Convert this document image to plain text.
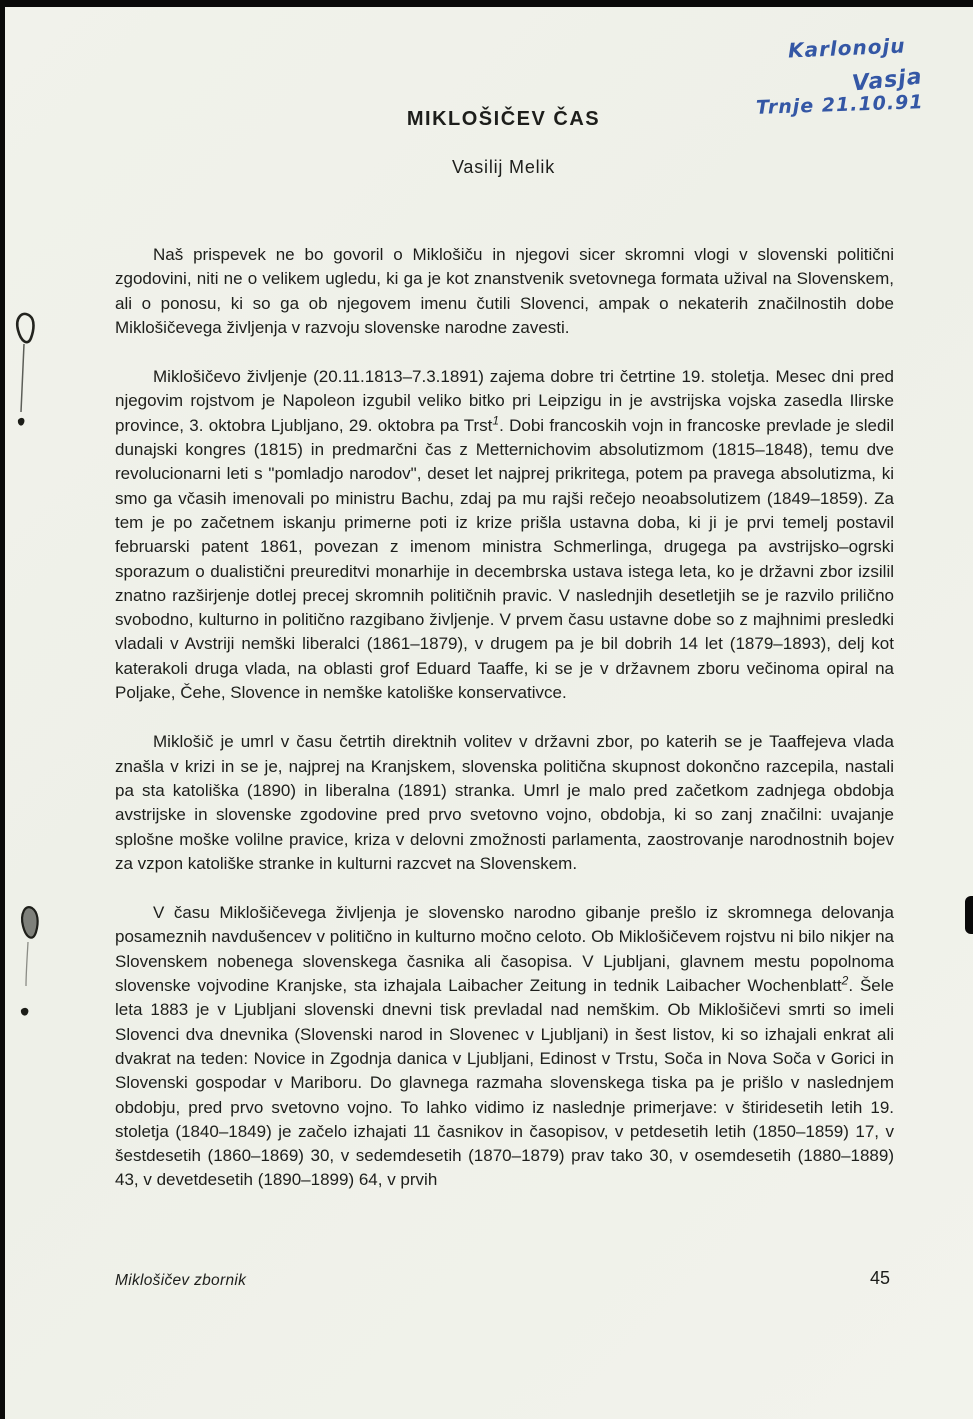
Karlonoju
Vasja
Trnje 21.10.91
MIKLOŠIČEV ČAS
Vasilij Melik

Naš prispevek ne bo govoril o Miklošiču in njegovi sicer skromni vlogi v slovenski politični zgodovini, niti ne o velikem ugledu, ki ga je kot znanstvenik svetovnega formata užival na Slovenskem, ali o ponosu, ki so ga ob njegovem imenu čutili Slovenci, ampak o nekaterih značilnostih dobe Miklošičevega življenja v razvoju slovenske narodne zavesti.

Miklošičevo življenje (20.11.1813–7.3.1891) zajema dobre tri četrtine 19. stoletja. Mesec dni pred njegovim rojstvom je Napoleon izgubil veliko bitko pri Leipzigu in je avstrijska vojska zasedla Ilirske province, 3. oktobra Ljubljano, 29. oktobra pa Trst$^1$. Dobi francoskih vojn in francoske prevlade je sledil dunajski kongres (1815) in predmarčni čas z Metternichovim absolutizmom (1815–1848), temu dve revolucionarni leti s "pomladjo narodov", deset let najprej prikritega, potem pa pravega absolutizma, ki smo ga včasih imenovali po ministru Bachu, zdaj pa mu rajši rečejo neoabsolutizem (1849–1859). Za tem je po začetnem iskanju primerne poti iz krize prišla ustavna doba, ki ji je prvi temelj postavil februarski patent 1861, povezan z imenom ministra Schmerlinga, drugega pa avstrijsko–ogrski sporazum o dualistični preureditvi monarhije in decembrska ustava istega leta, ko je državni zbor izsilil znatno razširjenje dotlej precej skromnih političnih pravic. V naslednjih desetletjih se je razvilo prilično svobodno, kulturno in politično razgibano življenje. V prvem času ustavne dobe so z majhnimi presledki vladali v Avstriji nemški liberalci (1861–1879), v drugem pa je bil dobrih 14 let (1879–1893), delj kot katerakoli druga vlada, na oblasti grof Eduard Taaffe, ki se je v državnem zboru večinoma opiral na Poljake, Čehe, Slovence in nemške katoliške konservativce.

Miklošič je umrl v času četrtih direktnih volitev v državni zbor, po katerih se je Taaffejeva vlada znašla v krizi in se je, najprej na Kranjskem, slovenska politična skupnost dokončno razcepila, nastali pa sta katoliška (1890) in liberalna (1891) stranka. Umrl je malo pred začetkom zadnjega obdobja avstrijske in slovenske zgodovine pred prvo svetovno vojno, obdobja, ki so zanj značilni: uvajanje splošne moške volilne pravice, kriza v delovni zmožnosti parlamenta, zaostrovanje narodnostnih bojev za vzpon katoliške stranke in kulturni razcvet na Slovenskem.

V času Miklošičevega življenja je slovensko narodno gibanje prešlo iz skromnega delovanja posameznih navdušencev v politično in kulturno močno celoto. Ob Miklošičevem rojstvu ni bilo nikjer na Slovenskem nobenega slovenskega časnika ali časopisa. V Ljubljani, glavnem mestu popolnoma slovenske vojvodine Kranjske, sta izhajala Laibacher Zeitung in tednik Laibacher Wochenblatt$^2$. Šele leta 1883 je v Ljubljani slovenski dnevni tisk prevladal nad nemškim. Ob Miklošičevi smrti so imeli Slovenci dva dnevnika (Slovenski narod in Slovenec v Ljubljani) in šest listov, ki so izhajali enkrat ali dvakrat na teden: Novice in Zgodnja danica v Ljubljani, Edinost v Trstu, Soča in Nova Soča v Gorici in Slovenski gospodar v Mariboru. Do glavnega razmaha slovenskega tiska pa je prišlo v naslednjem obdobju, pred prvo svetovno vojno. To lahko vidimo iz naslednje primerjave: v štiridesetih letih 19. stoletja (1840–1849) je začelo izhajati 11 časnikov in časopisov, v petdesetih letih (1850–1859) 17, v šestdesetih (1860–1869) 30, v sedemdesetih (1870–1879) prav tako 30, v osemdesetih (1880–1889) 43, v devetdesetih (1890–1899) 64, v prvih

Miklošičev zbornik	45
